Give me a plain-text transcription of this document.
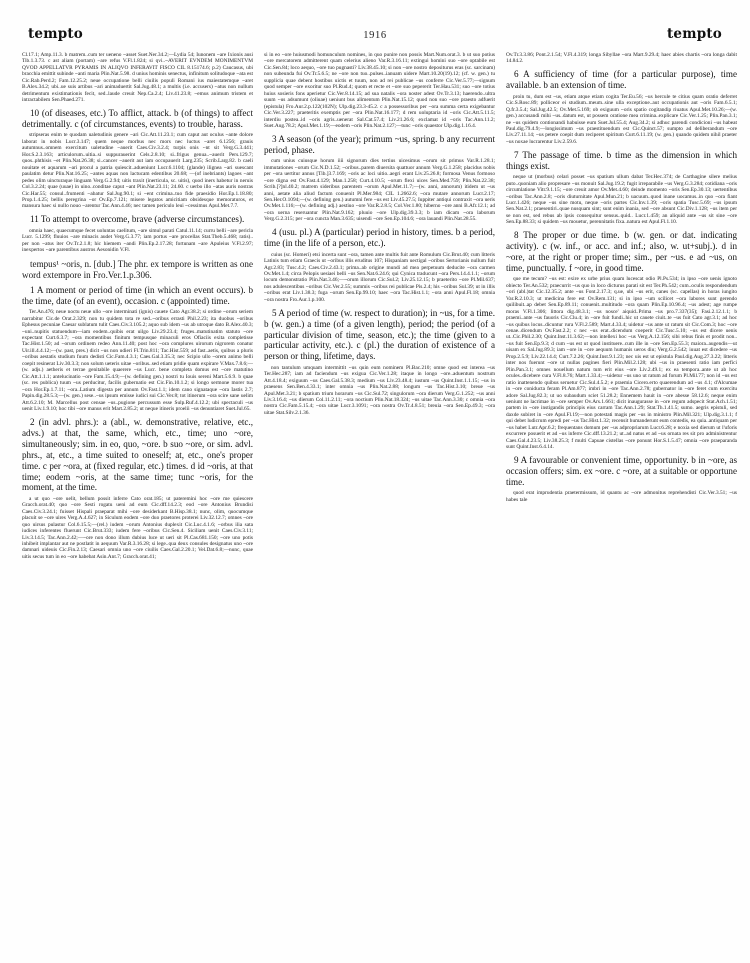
tempto	1916	tempto

Cl.17.1; Amp.11.3. b matrem..cum ter ueneno ~asset Suet.Ner.34.2;—Lydia 54; Iunonem ~are Ixionis ausi Tib.1.3.73. c ast aliam (portam) ~are refus V.Fl.1.824; si qvi..~AVERIT EVNDEM MONIMENTVM QVOD APPELLATVR PYRAMIS IN ALIQVO INFERAVIT FISCO CIL 8.15174.6; p.2) Caucasus, ubi bracchia emittit subinde ~anti maria Plin.Nat.5.98. d unius hominis senectus, infinitum solitudoque ~ata est Cic.Rab.Perd.2; Fam.12.25.2; neue occupatione belli ciuilis populi Romani ius maiestatemque ~aret B.Alex.34.2; ubi..ue suis artibus ~ari animaduertit Sal.Jug.48.1; a multis (i.e. accusers) ~atus non nullum detrimentum existimationis fecit, sed..laude creuit Nep.Ca.2.4; Liv.41.23.8; ~emus animum tristem et intractabilem Sen.Phaed.271.

10 (of diseases, etc.) To afflict, attack. b (of things) to affect detrimentally. c (of circumstances, events) to trouble, harass.

stripseras enim te quodam ualetudinis genere ~ari Cic.Att.11.23.1; cum caput aut oculus ~ante dolore laborat in nobis Lucr.3.147; quem neque morbus nec mors nec luctus ~aret 6.1256; grauis autumnus..omnem exercitum ualetudine ~auerit Caes.Civ.3.2.4; turpis onis ~nt sit Verg.G.3.441; Hor.S.2.3.163; articulorum..uitia..si suppurauerint Cels.2.8.10; si..frigus genua..~auerit Pers.129.7; quos..phthisis ~et Plin.Nat.26.38; si..cancer ~auerit aut iam occupauerit Larg.235; Scrib.Larg.82. b caeli nouitate et aquarum ~ari procul a patria quiescit..adueniunt Lucr.6.1104; (glande) ilignea ~ari suescant paulatim detur Plin.Nat.16.25; ~antes aquas non lactucam edentibus 20.68; —(of inebriants) lagoes ~ant pedes olim uincturaque linguam Verg.G.2.94; uitis traxit (inerticula, sc. uitis), quod iners habetur in neruis Col.3.2.24; quae (uuae) in uino..conditae caput ~ant Plin.Nat.23.11; 24.60. c uerbo illo ~atas auris nostras Cic.Har.55; consul..frumenti ~abatur Sal.Jug.90.1; si ~ent crimina..tuo fide praesidio Hor.Ep.1.18.80; Prop.1.4.25; bellis peregrina ~or Ov.Ep.7.121; misere legatos amicitiam obsidesque memoraturos, et mansura haec si nullo nouo ~arentur Tac.Ann.4.46; nec tamen periculo leui ~cessimus Apul.Met.7.7.

11 To attempt to overcome, brave (adverse circumstances).

omnia haec, quaecumque fecet uoluntas caelitum, ~are simul parati Catul.11.14; curru belli ~are pericla Lucr. 5.1299; fluuios ~are minacis audet Verg.G.3.77; iam portus ~are procellas Stat.Theb.5.468; ratis).. per non ~atus iter Ov.Tr.2.1.8; hic hiemem ~andi Plin.Ep.2.17.28; fortunam ~are Apuleius V.Fl.2.97; inexpertos ~are parentibus austros Aesonidin V.Fl.

tempus¹ ~oris, n. [dub.] The phr. ex tempore is written as one word extempore in Fro.Ver.1.p.306.

1 A moment or period of time (in which an event occurs). b the time, date (of an event), occasion. c (appointed) time.

Ter.An.476; neue noctu neue ullo ~ore interminati (ignis) cauete Cato Agr.38.2; si ordine ~orum seriem narrabitur Cic.de Orat.2.329; non tu quidem tota re sed..~oribus errasti Phil.2.23; ita duobus ~oribus Ephesus pecuniae Caesar sublatum tulit Caes.Civ.3.105.2; aquo sub idem ~us ab utroque dato B.Alex.40.3; ~uni..nupitis statuendum—iam eodem..quibis erat uilgo Liv.29.23.4; fruges..matutinatim statuto ~ore expectant Curt.6.3.7; ~ora momentibus finitum tempusque minaculi eros Ofiaciis exita completisse Tac.Hist.1.50; ad ~orum ordinem redeo Ann.11.40; post hoc ~ora complures uirorum nigrorem conatur Uir.ill.4.4.12;—(w. past, pres.) dicit ~us non udieri Fl.Trin.811; Tac.Hist.559; ad fast..aetis, quibus a pluris ~oribus aestatis studium fuum dedisti Cic.Fam.4.3.1; Caes.Gal.3.35.3; nec Scipio ullo ~orem animo belli coepit resinerat Liv.30.3.3; non solum ueteris uitae ~oribus..sed etiam pridie quam expirare V.Max.7.8.6;—(w. adjs.) aetheris et terrae genitabile quaerere ~us Lucr. bene completa domus est ~ore matutino Cic.Att.1.1.1; antelucinatio ~ore Fam.15.4.9;—(w. defining gen.) nostri tu Iouis sereni Mart.5.6.9. b quae (sc. res publica) tuum ~us perducitur, facilis gubernatio est Cic.Fin.10.1.2; si longo sermone morer tua ~ora Hor.Ep.1.7.11; ~ora..Latium digesta per annum Ov.Fast.1.1; idem cano signataque ~ora Iastis 2.7; Papin.dig.28.5.3;—(w. gen.) sese..~us ipsum emisse iudici sui Cic.Ver.8; tot itinerum ~ora scire sane uelim Att.6.2.10; M. Marcellus post censae ~us..pugione percussum esse Sulp.Ruf.4.12.2; ubi spectaculi ~us uenit Liv.1.9.10; hoc tibi ~ore manus erit Mart.2.85.2; ut neque itineris proelii ~us denuntiaret Suet.Jul.65.

2 (in advl. phrs.): a (abl., w. demonstrative, relative, etc., advs.) at that, the same, which, etc., time; uno ~ore, simultaneously; sim. in eo, quo, ~ore. b suo ~ore, or sim. advl. phrs., at, etc., a time suited to oneself; at, etc., one's proper time. c per ~ora, at (fixed regular, etc.) times. d id ~oris, at that time; eodem ~oris, at the same time; tunc ~oris, for the moment, at the time.

a ut quo ~ore uelit, bellum possit inferre Cato orat.185; ut pateremini hoc ~ore me quiescere Gracch.orat.40; quo ~ore Sesti rogatu ueni ad eum Cic.dff.14.2.3; eod ~ore Antonius Brundisi Caes.Civ.3.24.1; fuisset Hispali praeparat mihi ~ore desiderkant B.Hisp.38.1; nunc, olim, quocumque placuit se ~ore uires Verg.A.4.627; in Siculum eodem ~ore duo praetores proterei Liv.32.12.7; omnes ~ore quo uirsus pulastur Col.6.15.5;—(rel.) iudem ~orum Antonius duplexit Cic.Luc.4.1.6; ~orbus ilia sata iudices inferentes fluerunt Cic.Brut.333; iudem fere ~oribus Cic.Sen.4. Siciliam uenit Caes.Civ.3.11; Liv.3.14.5; Tac.Ann.2.42;—~ore non dono illum dubius luce ut ueri sit Pl.Cas.681.150; ~ore uno potis inhibeit implantar aut ne postlatit in aequum Var.R.3.16.28; si lege..qua deux consules designatus uno ~ore damnari uideuis Cic.Fin.2.13; Caesari omnia uno ~ore ciuilis Caes.Gal.2.20.1; Vel.Dat.6.8;—nunc, quae uitis secus tum in eo ~ore habebat Asin.Ant.7; Gracch.orat.41;

si in eo ~ore huiusmodi homunculum nomines, in quo punire non possis Mart.Num.orat.3. b ut suo potius ~ore mercatorem admitterent quam celerius alieno Var.R.3.16.11; extingui homini suo ~ore optabile est Cic.Sen.84; loco aequo, ~ore tuo pugnasti? Liv.38.45.10; si non ~ore nostro depositurus eras (sc. sarcinam) non subeunda fui Ov.Tr.5.6.5; ne ~ore non tuo..pulses..ianuam uidere Mart.10.20(19).12; (cf. w. gen.) tu supplicia quae debent hostibus uictis et tuum, non ad rei publicae ~us conferre Cic.Ver.5.77;—signum quod semper ~ore exoritur suo Pl.Rud.4; quom et recte et ~ore suo pepererit Ter.Hau.531; suo ~ore totius huius sosieris fons aperietur Cic.Ver.8.14.15; ad sua natalis ~ora noster adest Ov.Tr.3.13; haerendo..ultra suum ~us adsumunt (oliuae) ueniunt bus alimentum Plin.Nat.15.12; quod non suo ~ore praesto adfuerit (epistula) Fro.Aur.2.p.122(102N); Ulp.dig.23.3-45.2. c a possessoribus per ~ora summa certa exigebantur Cic.Ver.3.227; praeteritis exemptis per ~ora Plin.Nat.16.177; d rem uoluptaria id ~oris Cic.Att.5.11.5; interdiu postea..id ~oris agris..uenerat Sal.Cat.57.4; Liv.21.26.6; exclamat id ~oris Tac.Ann.11.2; Suet.Aug.78.2; Apul.Met.1.19;—eodem ~oris Plin.Nat.2.127;—tunc ~oris quaestor Ulp.dig.1.16.4.

3 A season (of the year); primum ~us, spring. b any recurrent period, phase.

cum unius cuiusque horum iiii signorum dies tertius uicesimus ~orum sit primus Var.R.1.28.1; immutationes ~orum Cic.N.D.1.52; ~oribus..parem diuersita quattuor annum Verg.G.1.258; placidus nobis per ~ora uertitur annus [Tib.]3.7.169; ~oris ac loci uitio..aegri erant Liv.25.26.8; formosa Venus formoso ~ore digna est Ov.Fast.4.129; Man.1.258; Curt.4.10.5; ~orum flexi uices Sen.Med.759; Plin.Nat.22.38; Scrib.[?]nl.40.2; matrem sideribus parentem ~orum Apul.Met.11.7;—(w. anni, annorum) itidem ut ~us anni, aetate alia aliud factum conuenit Pl.Mer.984; CIL 1.2662.6; ~ora mutare annorum Lucr.2.17; Sen.Her.O.1094;—(w. defining gen.) autumni fere ~us est Liv.45.27.5; Iuppiter antiqui contraxit ~ora ueris Ov.Met.1.116;—(w. defining adj.) aestiuo ~ore Var.R.2.8.5; Col.Ver.1.80; hiberno ~ore anni B.Afr.12.1; ad ~ora uerna reseruantur Plin.Nat.9.162; pluuio ~ore Ulp.dig.39.3.3; b iam dicam ~ora laborum Verg.G.2.315; per ~ora cuncta Man.3.635; uisendi ~ore Sen.Ep.104.6; ~ora lauandi Plin.Nat.28.55.

4 (usu. pl.) A (particular) period in history, times. b a period, time (in the life of a person, etc.).

cuius (sc. Homeri) etsi incerta sunt ~ora, tamen ante multis fuit ante Romulum Cic.Brut.40; cum litteris Latinis tum etiam Graecis ut ~oribus illis eruditus 107; Hispaniam uectigal ~oribus Sertorianis nullum fuit Agr.2.83; Tusc.4.2; Caes.Civ.2.43.1; prima..ab origine mundi ad mea perpetuum deducite ~ora carmen Ov.Met.1.4; circa Pelopis uesiaei belli ~us Sen.Nat.6.24.6; qui Cynica traducunt ~ora Pers.14.4.1.1; ~orum locum demonstratio Plin.Nat.3.46;—~orum illorum Cic.Sul.2; Liv.25.12.15; b praeterito ~ore Pl.Mil.637; nos adulescentibus ~oribus Cic.Ver.2.55; summis ~oribus rei publicae Pis.2.4; his ~oribus Sul.39; ut in illis ~oribus erat Liv.1.38.3; fuga ~orum Sen.Ep.99.10; haec ~ora Tac.Hist.1.1; ~ora anni Apul.Fl.18; omnia ~ora nostra Fro.Aur.1.p.100.

5 A period of time (w. respect to duration); in ~us, for a time. b (w. gen.) a time (of a given length), period; the period (of a particular division of time, season, etc.); the time (given to a particular activity, etc.). c (pl.) the duration of existence of a person or thing, lifetime, days.

non tantulum umquam intermittit ~us quin eum nominem Pl.Bac.210; omne quod est interea ~us Ter.Hec.287; iam ad faciendum ~us exigua Cic.Ver.1.28; itaque in longo ~ore..aduentum nostrum Att.4.18.4; exiguum ~us Caes.Gal.5.38.3; medium ~us Liv.23.48.4; iustum ~us Quint.Inst.1.1.15; ~us in praesens Sen.Ben.4.33.1; inter omnia ~us Plin.Nat.2.88; longum ~us Tac.Hist.3.10; breue ~us Apul.Met.3.21; b spatium trium horarum ~us Cic.Sul.72; singulorum ~ora dierum Verg.G.1.252; ~us anni Liv.3.16.4; ~us dierum Col.11.2.11; ~ora noctium Plin.Nat.18.324; ~us uitae Tac.Ann.3.30; c omnia ~ora nostra Cic.Fam.5.15.4; ~ora uitae Lucr.3.1091; ~ora nostra Ov.Tr.4.8.51; breuia ~ora Sen.Ep.49.3; ~ora uitae Stat.Silv.2.1.36.

Ov.Tr.3.3.86; Pont.2.1.54; V.Fl.4.319; longa Sibyllae ~ora Mart.9.29.4; haec abies chartis ~ora longa dabit 14.84.2.

6 A sufficiency of time (for a particular purpose), time available. b an extension of time.

proin tu, dum est ~us, etiam atque etiam cogita Ter.Eu.56; ~us hercule te citius quam oratio deferret Cic.S.Rosc.89; polliceor ei studium..meum..sine ulla exceptione..aut occupationis aut ~oris Fam.6.5.1; Q.fr.3.5.4; Sal.Jug.42.5; Ov.Met.5.169; ob exiguum ~oris spatio cogitandip riuatus Apul.Met.10.26;—(w. gen.) accusandi mihi ~us..datum est, ut possem oratione mea crimina..explicare Cic.Ver.1.25; Plin.Pan.3.1; ne ~us quidem contionandi habuisse eum Suet.Jul.55.4; Aug.34.2; si adhuc parendi condicioni ~us habeat Paul.dig.79.4.9;—longissimum ~us praestituendum est Cic.Quinct.57; sumpto ad deliberandum ~ore Liv.27.11.14; ~us petere coepit dum reciperet spiritum Curt.6.11.19; (w. gen.) quando quidem nihil praeter ~us noxae lucrarentur Liv.2.59.6.

7 The passage of time. b time as the dimension in which things exist.

neque ut (morbus) celari posset ~us spatium ullum dabat Ter.Hec.374; de Carthagine silere melius puto..quoniam alio propresare ~us monuit Sal.Jug.19.2; fugit irreparabile ~us Verg.G.3.284; cotidiana ~oris circumlatione Vitr.9.1.15; ~ore creuit amor Ov.Met.4.60; deinde momento ~oris Sen.Ep.30.13; uertentibus ~oribus Tac.Ann.2.8; ~oris diuturnitate Apul.Mun.21; b uacuum..quod inane uocamus..in quo ~ora fiant Lucr.1.426; neque ~us sine motu, neque ~oris partes Cic.Inv.1.39; ~oris spatia Tusc.5.69; ~us ipsum Sen.Nat.2.1; praesentiri..quae nusquam sint; sunt enim inania, sed ~ore absunt Cic.Div.1.128; ~us item per se non est, sed rebus ab ipsis consequitur sensus..quid.. Lucr.1.459; an aliquid ante ~us sit sine ~ore Sen.Ep.88.33; si quidem ~us mouetur, perennitatis fixa..natura est Apul.Fl.1.10.

8 The proper or due time. b (w. gen. or dat. indicating activity). c (w. inf., or acc. and inf.; also, w. ut+subj.). d in ~ore, at the right or proper time; sim., per ~us. e ad ~us, on time, punctually. f ~ore, in good time.

que me tecum? ~us est: exire ex urbe prius quam lucescat odio Pl.Ps.534; in ipso ~ore uenis ignoto obiecto Ter.An.532; praecurrit ~us quo in loco dicturus parati sit est Ter.Ph.542; cum..oculis respondendum ~ori (abl.)tat Cic.12.35.2; ante ~us Font.2.17.3; q.ue, ubi ~us erit, canes (sc. capellas) in horas iungito Var.R.2.10.3; ut medicina fere est Ov.Rem.131; si in ipso ~um scilicet ~ora labores sunt gerendo quilibuit..ap debet Sen.Ep.89.11; conuenit..multitudo ~ora quam Plin.Ep.10.96.4; ~us adest; age rumpe moras V.Fl.1.306; littora dig.48.3.1; ~us nosce' aiquid..Prima ~us pro.7.337(35); Fasi.2.12.1.1; b praemi..ante ~us fauoris Cic.Clu.4; in ~ore fuit fundi..hic ut cauete ciuit..te ~us fuit Cato agr.3.1; ad hoc ~us quibus locus..dicuntur rura V.Fl.2.589; Mart.4.33.4; uidetur ~us ante ut ratum sit Cic.Com.3; hoc ~ore cenae..dicendum Ov.Fast.2.2; c nec ~us erat..dicendum coeperit Cic.Tusc.5.10; ~us est dicere uenis ut..Cic.Phil.2.30; Quint.Inst.11.3.62;—non intellexi hoc ~us Verg.A.12.156; sibi rebus finis et prodit non.. ~us fuit Sen.Ep.9.3; d cum ~us est ut quod instituere..cum ille in ~ore Sen.Ep.55.3; maiora..augendis—ut uisam ex Sal.Jug.89.3; iam ~ore in ~ore aequum humanis ueros diu; Verg.G.2.542; iuuat est dicedere ~us Prop.2.5.9; Liv.22.14.4; Curt.7.2.26; Quint.Inst.9.1.23; nec uis est ut epistula Paul.dig.Aug.27.3.22; litteris inter nos fuerunt ~ore ut nullas pagines fieri Plin.Mil.2.128; ubi ~us in praesenti ratio iam perfici Plin.Pan.3.1; omnes nouellum natum tum erit eius ~ore Liv.2.49.1; ex ea tempora..ante ut ab hoc ocules..dicebere cura V.Fl.8.76; Mart.1.33.4;—uidetur ~us uno ut ratum ad forum Pl.Mil.77; non id ~us est ratio inattenendo quibus seruetur Cic.Sul.4.5.2; e praemia Cicero.erto quaerendum ad ~us 4.1; d'Alcumae in ~ore coniducta feram Pl.Am.877; imbri in ~ore Tac.Ann.2.78; gubernator in ~ore feret cum exercitu adore Sal.Jug.82.3; ut uo subaudum sciet 51.28.2; Ennemem hauit in ~ore abesse 58.12.6; neque enim ueniunt ne lacrimae in ~ore semper Ov.Ars.1.661; dicit inaugurasse in ~ore regum adspecit Stat.Ach.1.51; partem in ~ore instigandis principis eius carram Tac.Ann.1.29; Stat.Th.1.41.5; sumo. aegris epistuli, sed daxde subiret in ~ore Apul.Fl.19;—non potestati magis per ~us in ministro Plin.Mil.321; Ulp.dig.3.1.1; f qui debet ludicrum epredi per ~us Tac.Hist.1.32; recensit humanderunt eum contedis, ea quia..antiquam per ~us habet Lutr.Apr.6.2; frequentans domum per ~us adpropriarum Lucr.6.28; e noxia sed dierum ut l'uforis excurrere posuerit et ad ~us inferre Cic.dff.13.21.2; ut..ad natus et ad ~us ornata res sit pro administrentur Caes.Gal.4.23.5; Liv.38.25.3; f multi Capuae cistellas ~ore ponunt Hor.S.1.5.47; omnia ~ore praeparanda sunt Quint.Inst.6.4.14.

9 A favourable or convenient time, opportunity. b in ~ore, as occasion offers; sim. ex ~ore. c ~ore, at a suitable or opportune time.

quod erat imprudentia praetermissum, id quantu ac ~ore admonitus reprehendisti Cic.Ver.3.51; ~us habes tale
